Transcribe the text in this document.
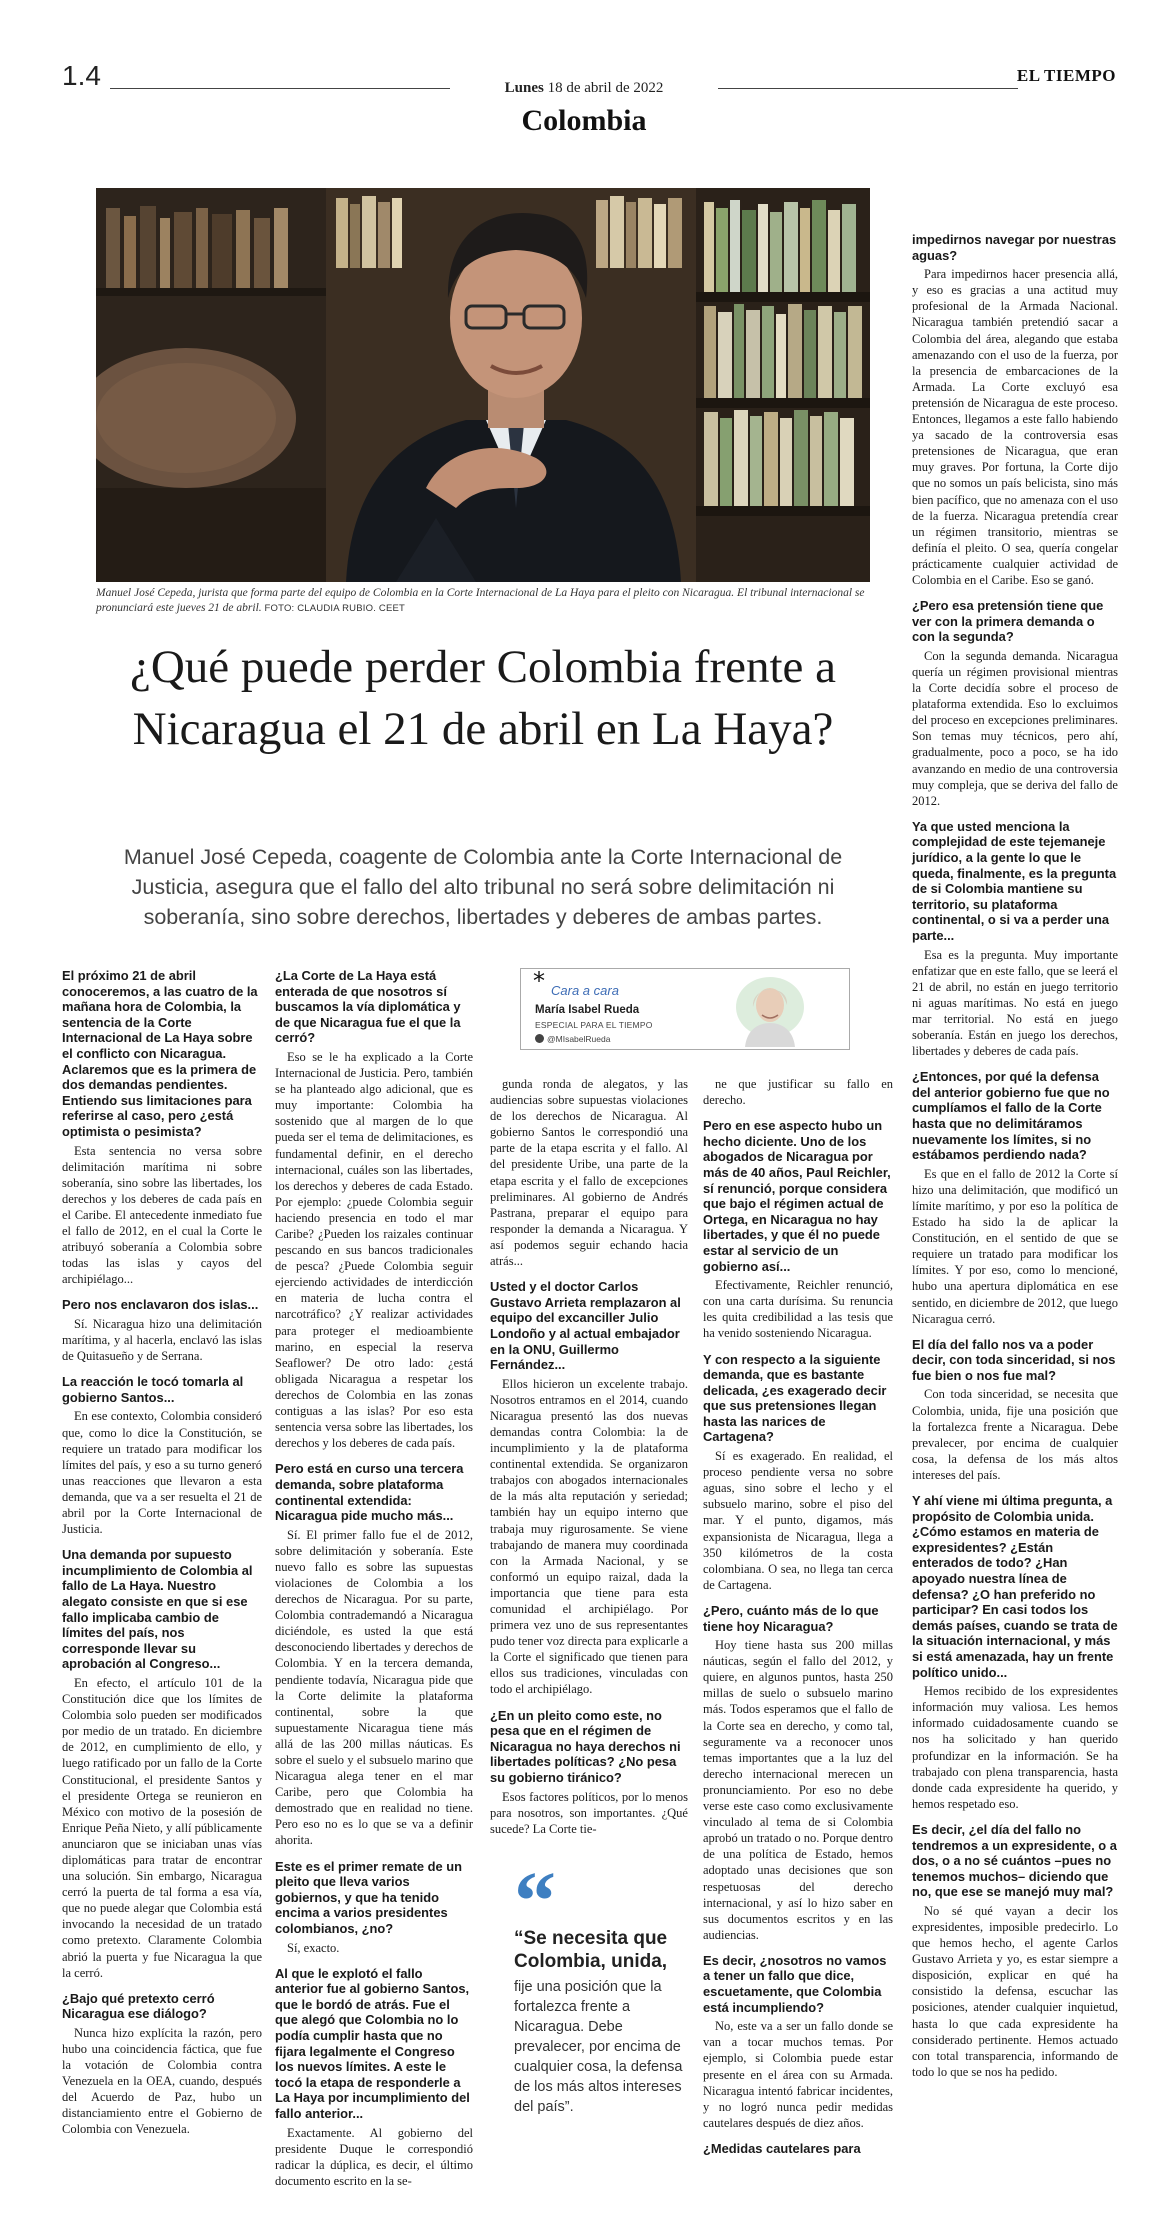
1.4	Lunes 18 de abril de 2022
EL TIEMPO
Colombia
Manuel José Cepeda, jurista que forma parte del equipo de Colombia en la Corte Internacional de La Haya para el pleito con Nicaragua. El tribunal internacional se pronunciará este jueves 21 de abril. FOTO: CLAUDIA RUBIO. CEET
¿Qué puede perder Colombia frente a Nicaragua el 21 de abril en La Haya?
Manuel José Cepeda, coagente de Colombia ante la Corte Internacional de Justicia, asegura que el fallo del alto tribunal no será sobre delimitación ni soberanía, sino sobre derechos, libertades y deberes de ambas partes.
* Cara a cara
María Isabel Rueda
ESPECIAL PARA EL TIEMPO
@MIsabelRueda

El próximo 21 de abril conoceremos, a las cuatro de la mañana hora de Colombia, la sentencia de la Corte Internacional de La Haya sobre el conflicto con Nicaragua. Aclaremos que es la primera de dos demandas pendientes. Entiendo sus limitaciones para referirse al caso, pero ¿está optimista o pesimista?

Esta sentencia no versa sobre delimitación marítima ni sobre soberanía, sino sobre las libertades, los derechos y los deberes de cada país en el Caribe. El antecedente inmediato fue el fallo de 2012, en el cual la Corte le atribuyó soberanía a Colombia sobre todas las islas y cayos del archipiélago...

Pero nos enclavaron dos islas...

Sí. Nicaragua hizo una delimitación marítima, y al hacerla, enclavó las islas de Quitasueño y de Serrana.

La reacción le tocó tomarla al gobierno Santos...

En ese contexto, Colombia consideró que, como lo dice la Constitución, se requiere un tratado para modificar los límites del país, y eso a su turno generó unas reacciones que llevaron a esta demanda, que va a ser resuelta el 21 de abril por la Corte Internacional de Justicia.

Una demanda por supuesto incumplimiento de Colombia al fallo de La Haya. Nuestro alegato consiste en que si ese fallo implicaba cambio de límites del país, nos corresponde llevar su aprobación al Congreso...

En efecto, el artículo 101 de la Constitución dice que los límites de Colombia solo pueden ser modificados por medio de un tratado. En diciembre de 2012, en cumplimiento de ello, y luego ratificado por un fallo de la Corte Constitucional, el presidente Santos y el presidente Ortega se reunieron en México con motivo de la posesión de Enrique Peña Nieto, y allí públicamente anunciaron que se iniciaban unas vías diplomáticas para tratar de encontrar una solución. Sin embargo, Nicaragua cerró la puerta de tal forma a esa vía, que no puede alegar que Colombia está invocando la necesidad de un tratado como pretexto. Claramente Colombia abrió la puerta y fue Nicaragua la que la cerró.

¿Bajo qué pretexto cerró Nicaragua ese diálogo?

Nunca hizo explícita la razón, pero hubo una coincidencia fáctica, que fue la votación de Colombia contra Venezuela en la OEA, cuando, después del Acuerdo de Paz, hubo un distanciamiento entre el Gobierno de Colombia con Venezuela.

¿La Corte de La Haya está enterada de que nosotros sí buscamos la vía diplomática y de que Nicaragua fue el que la cerró?

Eso se le ha explicado a la Corte Internacional de Justicia. Pero, también se ha planteado algo adicional, que es muy importante: Colombia ha sostenido que al margen de lo que pueda ser el tema de delimitaciones, es fundamental definir, en el derecho internacional, cuáles son las libertades, los derechos y deberes de cada Estado. Por ejemplo: ¿puede Colombia seguir haciendo presencia en todo el mar Caribe? ¿Pueden los raizales continuar pescando en sus bancos tradicionales de pesca? ¿Puede Colombia seguir ejerciendo actividades de interdicción en materia de lucha contra el narcotráfico? ¿Y realizar actividades para proteger el medioambiente marino, en especial la reserva Seaflower? De otro lado: ¿está obligada Nicaragua a respetar los derechos de Colombia en las zonas contiguas a las islas? Por eso esta sentencia versa sobre las libertades, los derechos y los deberes de cada país.

Pero está en curso una tercera demanda, sobre plataforma continental extendida: Nicaragua pide mucho más...

Sí. El primer fallo fue el de 2012, sobre delimitación y soberanía. Este nuevo fallo es sobre las supuestas violaciones de Colombia a los derechos de Nicaragua. Por su parte, Colombia contrademandó a Nicaragua diciéndole, es usted la que está desconociendo libertades y derechos de Colombia. Y en la tercera demanda, pendiente todavía, Nicaragua pide que la Corte delimite la plataforma continental, sobre la que supuestamente Nicaragua tiene más allá de las 200 millas náuticas. Es sobre el suelo y el subsuelo marino que Nicaragua alega tener en el mar Caribe, pero que Colombia ha demostrado que en realidad no tiene. Pero eso no es lo que se va a definir ahorita.

Este es el primer remate de un pleito que lleva varios gobiernos, y que ha tenido encima a varios presidentes colombianos, ¿no?

Sí, exacto.

Al que le explotó el fallo anterior fue al gobierno Santos, que le bordó de atrás. Fue el que alegó que Colombia no lo podía cumplir hasta que no fijara legalmente el Congreso los nuevos límites. A este le tocó la etapa de responderle a La Haya por incumplimiento del fallo anterior...

Exactamente. Al gobierno del presidente Duque le correspondió radicar la dúplica, es decir, el último documento escrito en la se-

gunda ronda de alegatos, y las audiencias sobre supuestas violaciones de los derechos de Nicaragua. Al gobierno Santos le correspondió una parte de la etapa escrita y el fallo. Al del presidente Uribe, una parte de la etapa escrita y el fallo de excepciones preliminares. Al gobierno de Andrés Pastrana, preparar el equipo para responder la demanda a Nicaragua. Y así podemos seguir echando hacia atrás...

Usted y el doctor Carlos Gustavo Arrieta remplazaron al equipo del excanciller Julio Londoño y al actual embajador en la ONU, Guillermo Fernández...

Ellos hicieron un excelente trabajo. Nosotros entramos en el 2014, cuando Nicaragua presentó las dos nuevas demandas contra Colombia: la de incumplimiento y la de plataforma continental extendida. Se organizaron trabajos con abogados internacionales de la más alta reputación y seriedad; también hay un equipo interno que trabaja muy rigurosamente. Se viene trabajando de manera muy coordinada con la Armada Nacional, y se conformó un equipo raizal, dada la importancia que tiene para esta comunidad el archipiélago. Por primera vez uno de sus representantes pudo tener voz directa para explicarle a la Corte el significado que tienen para ellos sus tradiciones, vinculadas con todo el archipiélago.

¿En un pleito como este, no pesa que en el régimen de Nicaragua no haya derechos ni libertades políticas? ¿No pesa su gobierno tiránico?

Esos factores políticos, por lo menos para nosotros, son importantes. ¿Qué sucede? La Corte tie-

ne que justificar su fallo en derecho.

Pero en ese aspecto hubo un hecho diciente. Uno de los abogados de Nicaragua por más de 40 años, Paul Reichler, sí renunció, porque considera que bajo el régimen actual de Ortega, en Nicaragua no hay libertades, y que él no puede estar al servicio de un gobierno así...

Efectivamente, Reichler renunció, con una carta durísima. Su renuncia les quita credibilidad a las tesis que ha venido sosteniendo Nicaragua.

Y con respecto a la siguiente demanda, que es bastante delicada, ¿es exagerado decir que sus pretensiones llegan hasta las narices de Cartagena?

Sí es exagerado. En realidad, el proceso pendiente versa no sobre aguas, sino sobre el lecho y el subsuelo marino, sobre el piso del mar. Y el punto, digamos, más expansionista de Nicaragua, llega a 350 kilómetros de la costa colombiana. O sea, no llega tan cerca de Cartagena.

¿Pero, cuánto más de lo que tiene hoy Nicaragua?

Hoy tiene hasta sus 200 millas náuticas, según el fallo del 2012, y quiere, en algunos puntos, hasta 250 millas de suelo o subsuelo marino más. Todos esperamos que el fallo de la Corte sea en derecho, y como tal, seguramente va a reconocer unos temas importantes que a la luz del derecho internacional merecen un pronunciamiento. Por eso no debe verse este caso como exclusivamente vinculado al tema de si Colombia aprobó un tratado o no. Porque dentro de una política de Estado, hemos adoptado unas decisiones que son respetuosas del derecho internacional, y así lo hizo saber en sus documentos escritos y en las audiencias.

Es decir, ¿nosotros no vamos a tener un fallo que dice, escuetamente, que Colombia está incumpliendo?

No, este va a ser un fallo donde se van a tocar muchos temas. Por ejemplo, si Colombia puede estar presente en el área con su Armada. Nicaragua intentó fabricar incidentes, y no logró nunca pedir medidas cautelares después de diez años.

¿Medidas cautelares para

impedirnos navegar por nuestras aguas?

Para impedirnos hacer presencia allá, y eso es gracias a una actitud muy profesional de la Armada Nacional. Nicaragua también pretendió sacar a Colombia del área, alegando que estaba amenazando con el uso de la fuerza, por la presencia de embarcaciones de la Armada. La Corte excluyó esa pretensión de Nicaragua de este proceso. Entonces, llegamos a este fallo habiendo ya sacado de la controversia esas pretensiones de Nicaragua, que eran muy graves. Por fortuna, la Corte dijo que no somos un país belicista, sino más bien pacífico, que no amenaza con el uso de la fuerza. Nicaragua pretendía crear un régimen transitorio, mientras se definía el pleito. O sea, quería congelar prácticamente cualquier actividad de Colombia en el Caribe. Eso se ganó.

¿Pero esa pretensión tiene que ver con la primera demanda o con la segunda?

Con la segunda demanda. Nicaragua quería un régimen provisional mientras la Corte decidía sobre el proceso de plataforma extendida. Eso lo excluimos del proceso en excepciones preliminares. Son temas muy técnicos, pero ahí, gradualmente, poco a poco, se ha ido avanzando en medio de una controversia muy compleja, que se deriva del fallo de 2012.

Ya que usted menciona la complejidad de este tejemaneje jurídico, a la gente lo que le queda, finalmente, es la pregunta de si Colombia mantiene su territorio, su plataforma continental, o si va a perder una parte...

Esa es la pregunta. Muy importante enfatizar que en este fallo, que se leerá el 21 de abril, no están en juego territorio ni aguas marítimas. No está en juego mar territorial. No está en juego soberanía. Están en juego los derechos, libertades y deberes de cada país.

¿Entonces, por qué la defensa del anterior gobierno fue que no cumplíamos el fallo de la Corte hasta que no delimitáramos nuevamente los límites, si no estábamos perdiendo nada?

Es que en el fallo de 2012 la Corte sí hizo una delimitación, que modificó un límite marítimo, y por eso la política de Estado ha sido la de aplicar la Constitución, en el sentido de que se requiere un tratado para modificar los límites. Y por eso, como lo mencioné, hubo una apertura diplomática en ese sentido, en diciembre de 2012, que luego Nicaragua cerró.

El día del fallo nos va a poder decir, con toda sinceridad, si nos fue bien o nos fue mal?

Con toda sinceridad, se necesita que Colombia, unida, fije una posición que la fortalezca frente a Nicaragua. Debe prevalecer, por encima de cualquier cosa, la defensa de los más altos intereses del país.

Y ahí viene mi última pregunta, a propósito de Colombia unida. ¿Cómo estamos en materia de expresidentes? ¿Están enterados de todo? ¿Han apoyado nuestra línea de defensa? ¿O han preferido no participar? En casi todos los demás países, cuando se trata de la situación internacional, y más si está amenazada, hay un frente político unido...

Hemos recibido de los expresidentes información muy valiosa. Les hemos informado cuidadosamente cuando se nos ha solicitado y han querido profundizar en la información. Se ha trabajado con plena transparencia, hasta donde cada expresidente ha querido, y hemos respetado eso.

Es decir, ¿el día del fallo no tendremos a un expresidente, o a dos, o a no sé cuántos –pues no tenemos muchos– diciendo que no, que ese se manejó muy mal?

No sé qué vayan a decir los expresidentes, imposible predecirlo. Lo que hemos hecho, el agente Carlos Gustavo Arrieta y yo, es estar siempre a disposición, explicar en qué ha consistido la defensa, escuchar las posiciones, atender cualquier inquietud, hasta lo que cada expresidente ha considerado pertinente. Hemos actuado con total transparencia, informando de todo lo que se nos ha pedido.

“
“Se necesita que Colombia, unida,
fije una posición que la fortalezca frente a Nicaragua. Debe prevalecer, por encima de cualquier cosa, la defensa de los más altos intereses del país”.
